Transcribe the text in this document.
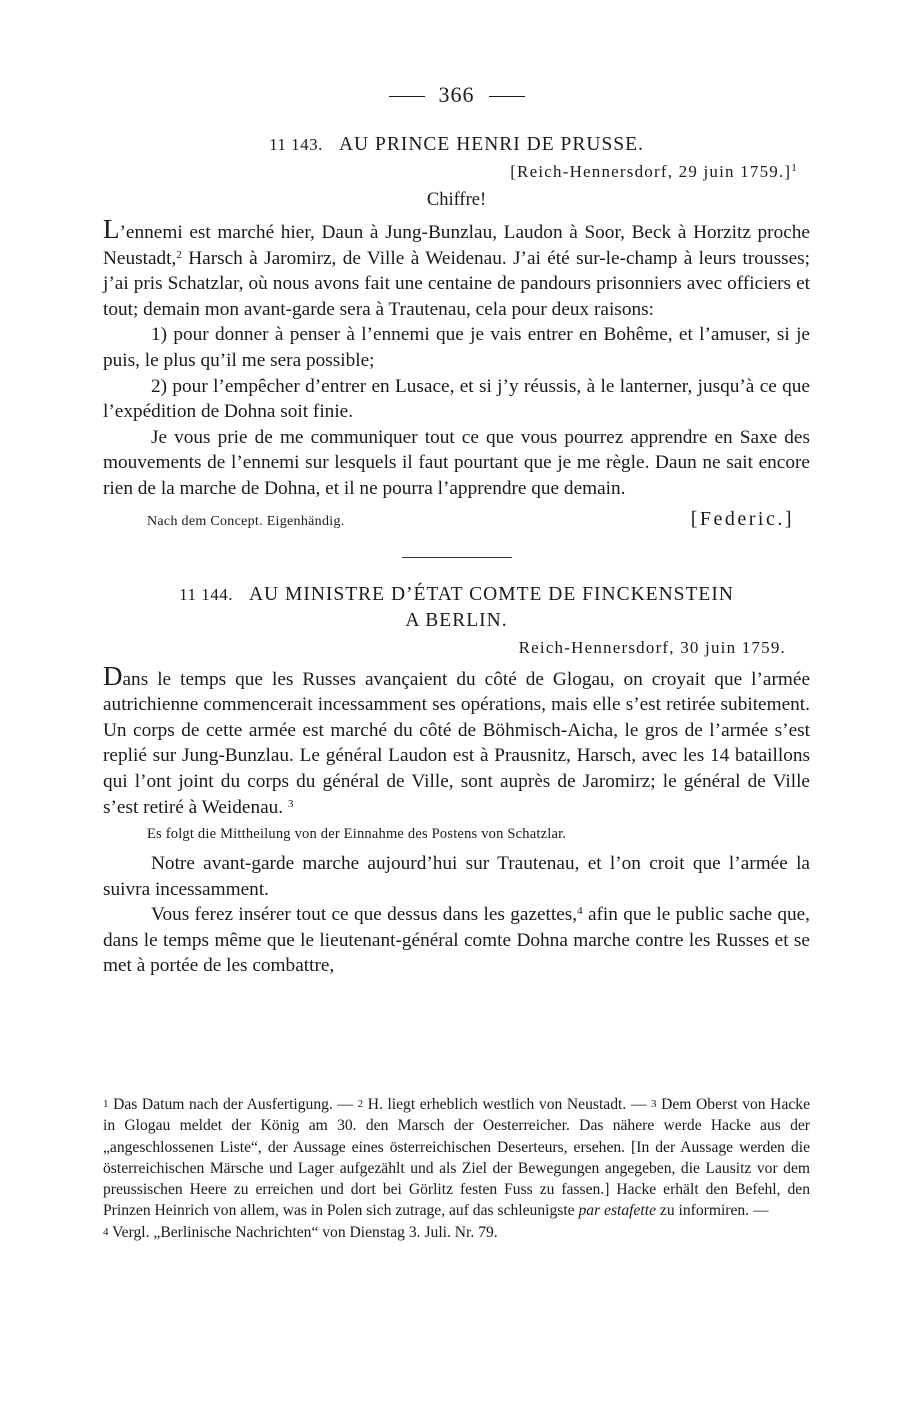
366
11 143. AU PRINCE HENRI DE PRUSSE.
[Reich-Hennersdorf, 29 juin 1759.]$^1$
Chiffre!

L’ennemi est marché hier, Daun à Jung-Bunzlau, Laudon à Soor, Beck à Horzitz proche Neustadt,$^2$ Harsch à Jaromirz, de Ville à Weidenau. J’ai été sur-le-champ à leurs trousses; j’ai pris Schatzlar, où nous avons fait une centaine de pandours prisonniers avec officiers et tout; demain mon avant-garde sera à Trautenau, cela pour deux raisons:

1) pour donner à penser à l’ennemi que je vais entrer en Bohême, et l’amuser, si je puis, le plus qu’il me sera possible;

2) pour l’empêcher d’entrer en Lusace, et si j’y réussis, à le lanterner, jusqu’à ce que l’expédition de Dohna soit finie.

Je vous prie de me communiquer tout ce que vous pourrez apprendre en Saxe des mouvements de l’ennemi sur lesquels il faut pourtant que je me règle. Daun ne sait encore rien de la marche de Dohna, et il ne pourra l’apprendre que demain.

Nach dem Concept. Eigenhändig.	[Federic.]
11 144. AU MINISTRE D’ÉTAT COMTE DE FINCKENSTEIN
A BERLIN.
Reich-Hennersdorf, 30 juin 1759.

Dans le temps que les Russes avançaient du côté de Glogau, on croyait que l’armée autrichienne commencerait incessamment ses opérations, mais elle s’est retirée subitement. Un corps de cette armée est marché du côté de Böhmisch-Aicha, le gros de l’armée s’est replié sur Jung-Bunzlau. Le général Laudon est à Prausnitz, Harsch, avec les 14 bataillons qui l’ont joint du corps du général de Ville, sont auprès de Jaromirz; le général de Ville s’est retiré à Weidenau. $^3$

Es folgt die Mittheilung von der Einnahme des Postens von Schatzlar.

Notre avant-garde marche aujourd’hui sur Trautenau, et l’on croit que l’armée la suivra incessamment.

Vous ferez insérer tout ce que dessus dans les gazettes,$^4$ afin que le public sache que, dans le temps même que le lieutenant-général comte Dohna marche contre les Russes et se met à portée de les combattre,

1 Das Datum nach der Ausfertigung. — 2 H. liegt erheblich westlich von Neustadt. — 3 Dem Oberst von Hacke in Glogau meldet der König am 30. den Marsch der Oesterreicher. Das nähere werde Hacke aus der „angeschlossenen Liste“, der Aussage eines österreichischen Deserteurs, ersehen. [In der Aussage werden die österreichischen Märsche und Lager aufgezählt und als Ziel der Bewegungen angegeben, die Lausitz vor dem preussischen Heere zu erreichen und dort bei Görlitz festen Fuss zu fassen.] Hacke erhält den Befehl, den Prinzen Heinrich von allem, was in Polen sich zutrage, auf das schleunigste par estafette zu informiren. —
4 Vergl. „Berlinische Nachrichten“ von Dienstag 3. Juli. Nr. 79.
